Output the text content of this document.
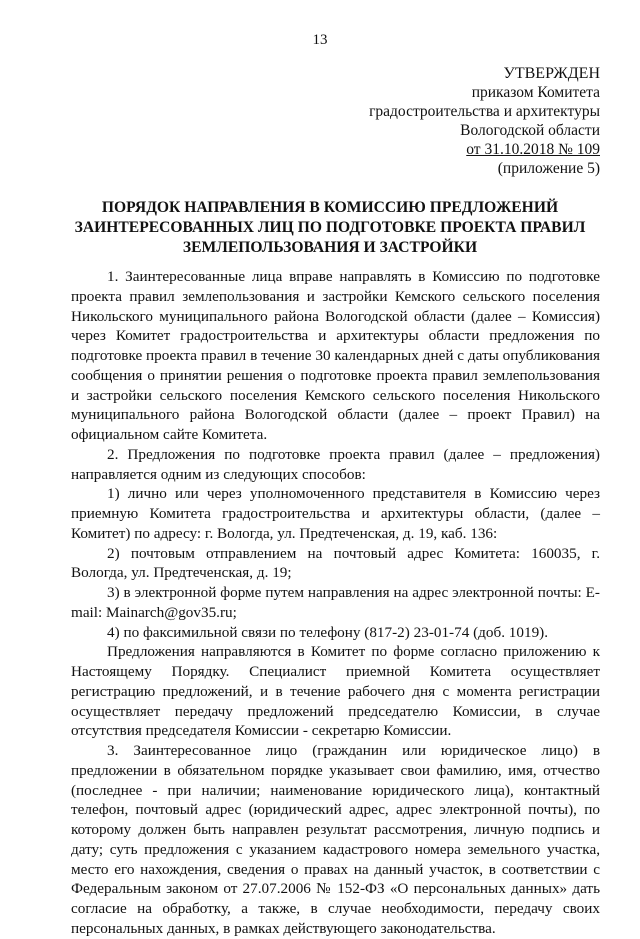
13
УТВЕРЖДЕН
приказом Комитета
градостроительства и архитектуры
Вологодской области
от 31.10.2018 № 109
(приложение 5)
ПОРЯДОК НАПРАВЛЕНИЯ В КОМИССИЮ ПРЕДЛОЖЕНИЙ
ЗАИНТЕРЕСОВАННЫХ ЛИЦ ПО ПОДГОТОВКЕ ПРОЕКТА ПРАВИЛ
ЗЕМЛЕПОЛЬЗОВАНИЯ И ЗАСТРОЙКИ

1. Заинтересованные лица вправе направлять в Комиссию по подготовке проекта правил землепользования и застройки Кемского сельского поселения Никольского муниципального района Вологодской области (далее – Комиссия) через Комитет градостроительства и архитектуры области предложения по подготовке проекта правил в течение 30 календарных дней с даты опубликования сообщения о принятии решения о подготовке проекта правил землепользования и застройки сельского поселения Кемского сельского поселения Никольского муниципального района Вологодской области (далее – проект Правил) на официальном сайте Комитета.

2. Предложения по подготовке проекта правил (далее – предложения) направляется одним из следующих способов:

1) лично или через уполномоченного представителя в Комиссию через приемную Комитета градостроительства и архитектуры области, (далее – Комитет) по адресу: г. Вологда, ул. Предтеченская, д. 19, каб. 136:

2) почтовым отправлением на почтовый адрес Комитета: 160035, г. Вологда, ул. Предтеченская, д. 19;

3) в электронной форме путем направления на адрес электронной почты: E-mail: Mainarch@gov35.ru;

4) по факсимильной связи по телефону (817-2) 23-01-74 (доб. 1019).

Предложения направляются в Комитет по форме согласно приложению к Настоящему Порядку. Специалист приемной Комитета осуществляет регистрацию предложений, и в течение рабочего дня с момента регистрации осуществляет передачу предложений председателю Комиссии, в случае отсутствия председателя Комиссии - секретарю Комиссии.

3. Заинтересованное лицо (гражданин или юридическое лицо) в предложении в обязательном порядке указывает свои фамилию, имя, отчество (последнее - при наличии; наименование юридического лица), контактный телефон, почтовый адрес (юридический адрес, адрес электронной почты), по которому должен быть направлен результат рассмотрения, личную подпись и дату; суть предложения с указанием кадастрового номера земельного участка, место его нахождения, сведения о правах на данный участок, в соответствии с Федеральным законом от 27.07.2006 № 152-ФЗ «О персональных данных» дать согласие на обработку, а также, в случае необходимости, передачу своих персональных данных, в рамках действующего законодательства.
